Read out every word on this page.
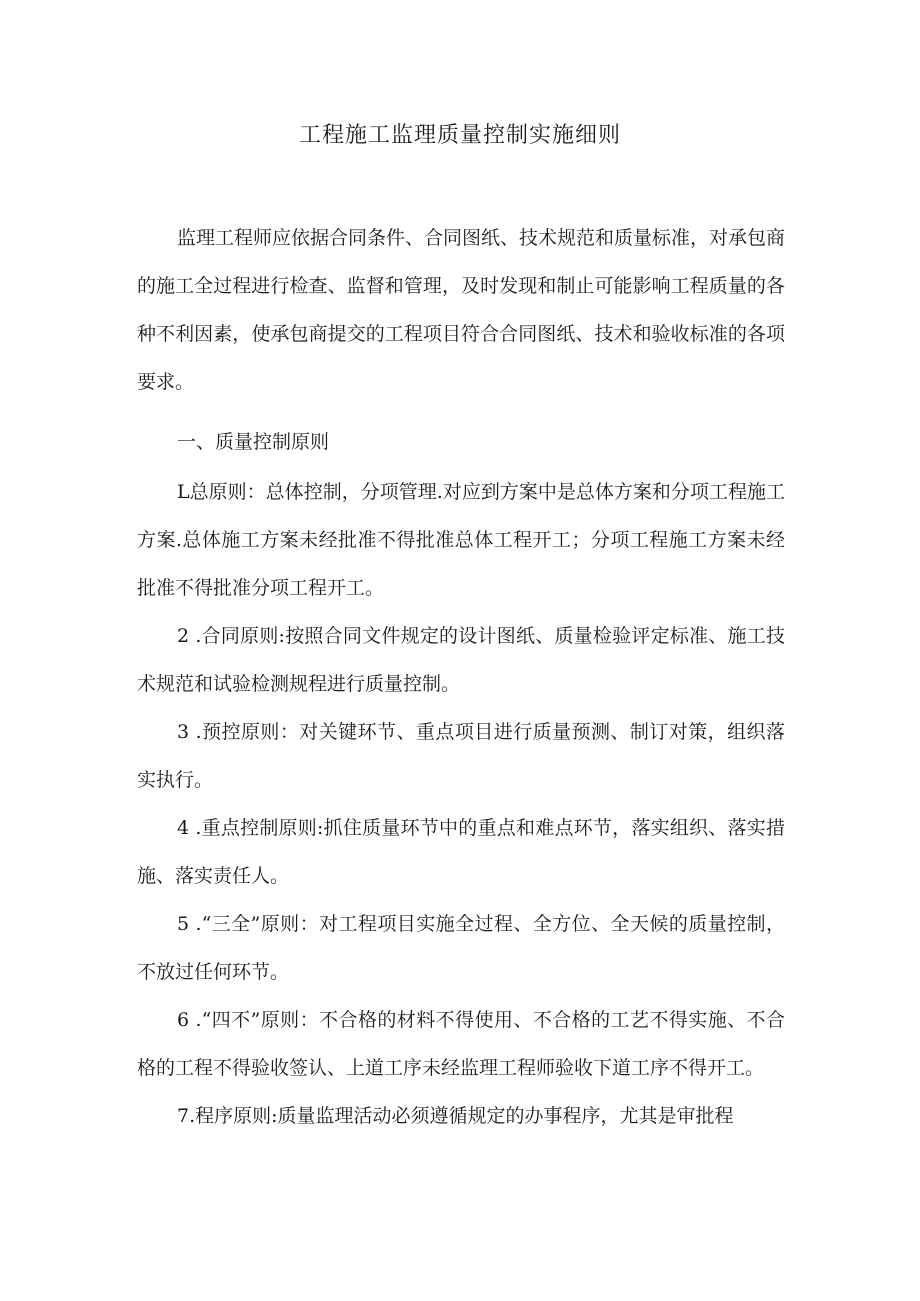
工程施工监理质量控制实施细则

监理工程师应依据合同条件、合同图纸、技术规范和质量标准，对承包商的施工全过程进行检查、监督和管理，及时发现和制止可能影响工程质量的各种不利因素，使承包商提交的工程项目符合合同图纸、技术和验收标准的各项要求。

一、质量控制原则

L总原则：总体控制，分项管理.对应到方案中是总体方案和分项工程施工方案.总体施工方案未经批准不得批准总体工程开工；分项工程施工方案未经批准不得批准分项工程开工。

2 .合同原则:按照合同文件规定的设计图纸、质量检验评定标准、施工技术规范和试验检测规程进行质量控制。

3 .预控原则：对关键环节、重点项目进行质量预测、制订对策，组织落实执行。

4 .重点控制原则:抓住质量环节中的重点和难点环节，落实组织、落实措施、落实责任人。

5 .“三全”原则：对工程项目实施全过程、全方位、全天候的质量控制，不放过任何环节。

6 .“四不”原则：不合格的材料不得使用、不合格的工艺不得实施、不合格的工程不得验收签认、上道工序未经监理工程师验收下道工序不得开工。

7.程序原则:质量监理活动必须遵循规定的办事程序，尤其是审批程
